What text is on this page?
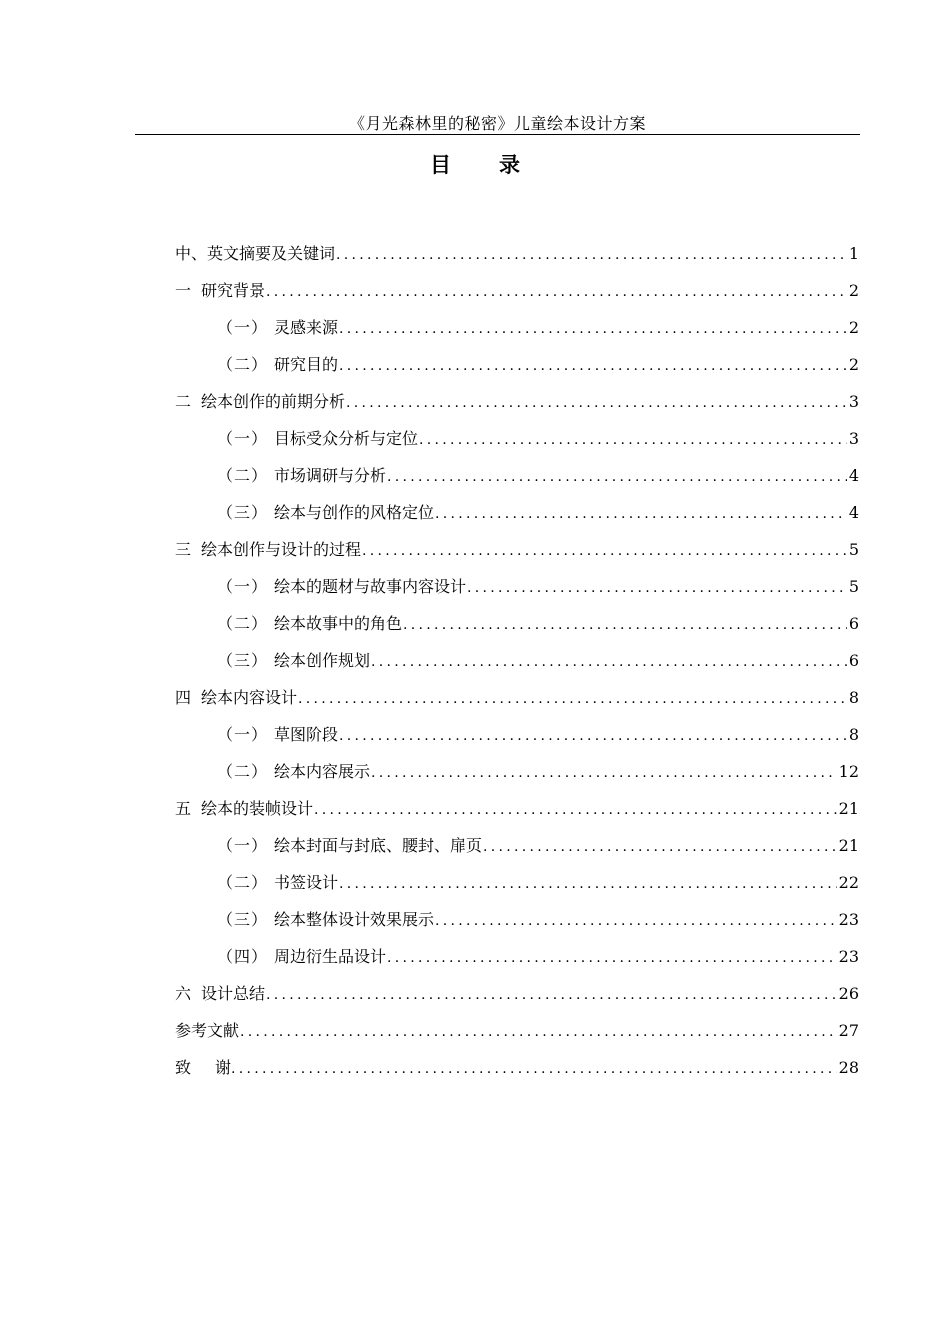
《月光森林里的秘密》儿童绘本设计方案
目录
中、英文摘要及关键词 .....	1
一 研究背景 .....	2
（一） 灵感来源 .....	2
（二） 研究目的 .....	2
二 绘本创作的前期分析 .....	3
（一） 目标受众分析与定位 .....	3
（二） 市场调研与分析 .....	4
（三） 绘本与创作的风格定位 .....	4
三 绘本创作与设计的过程 .....	5
（一） 绘本的题材与故事内容设计 .....	5
（二） 绘本故事中的角色 .....	6
（三） 绘本创作规划 .....	6
四 绘本内容设计 .....	8
（一） 草图阶段 .....	8
（二） 绘本内容展示 .....	12
五 绘本的装帧设计 .....	21
（一） 绘本封面与封底、腰封、扉页 .....	21
（二） 书签设计 .....	22
（三） 绘本整体设计效果展示 .....	23
（四） 周边衍生品设计 .....	23
六 设计总结 .....	26
参考文献 .....	27
致谢 .....	28
